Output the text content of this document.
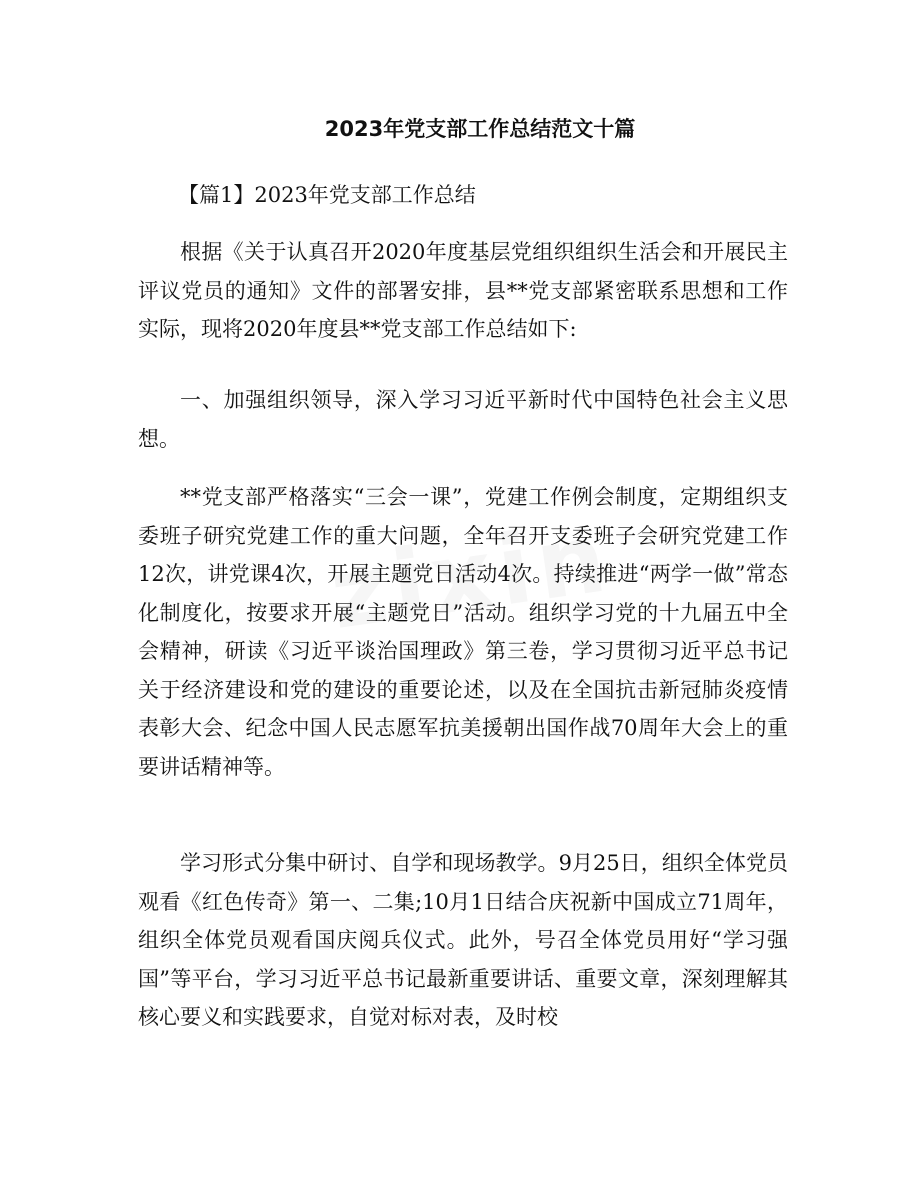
2023年党支部工作总结范文十篇
【篇1】2023年党支部工作总结

根据《关于认真召开2020年度基层党组织组织生活会和开展民主评议党员的通知》文件的部署安排，县**党支部紧密联系思想和工作实际，现将2020年度县**党支部工作总结如下:

一、加强组织领导，深入学习习近平新时代中国特色社会主义思想。

**党支部严格落实“三会一课”，党建工作例会制度，定期组织支委班子研究党建工作的重大问题，全年召开支委班子会研究党建工作12次，讲党课4次，开展主题党日活动4次。持续推进“两学一做”常态化制度化，按要求开展“主题党日”活动。组织学习党的十九届五中全会精神，研读《习近平谈治国理政》第三卷，学习贯彻习近平总书记关于经济建设和党的建设的重要论述，以及在全国抗击新冠肺炎疫情表彰大会、纪念中国人民志愿军抗美援朝出国作战70周年大会上的重要讲话精神等。

学习形式分集中研讨、自学和现场教学。9月25日，组织全体党员观看《红色传奇》第一、二集;10月1日结合庆祝新中国成立71周年，组织全体党员观看国庆阅兵仪式。此外，号召全体党员用好“学习强国”等平台，学习习近平总书记最新重要讲话、重要文章，深刻理解其核心要义和实践要求，自觉对标对表，及时校
